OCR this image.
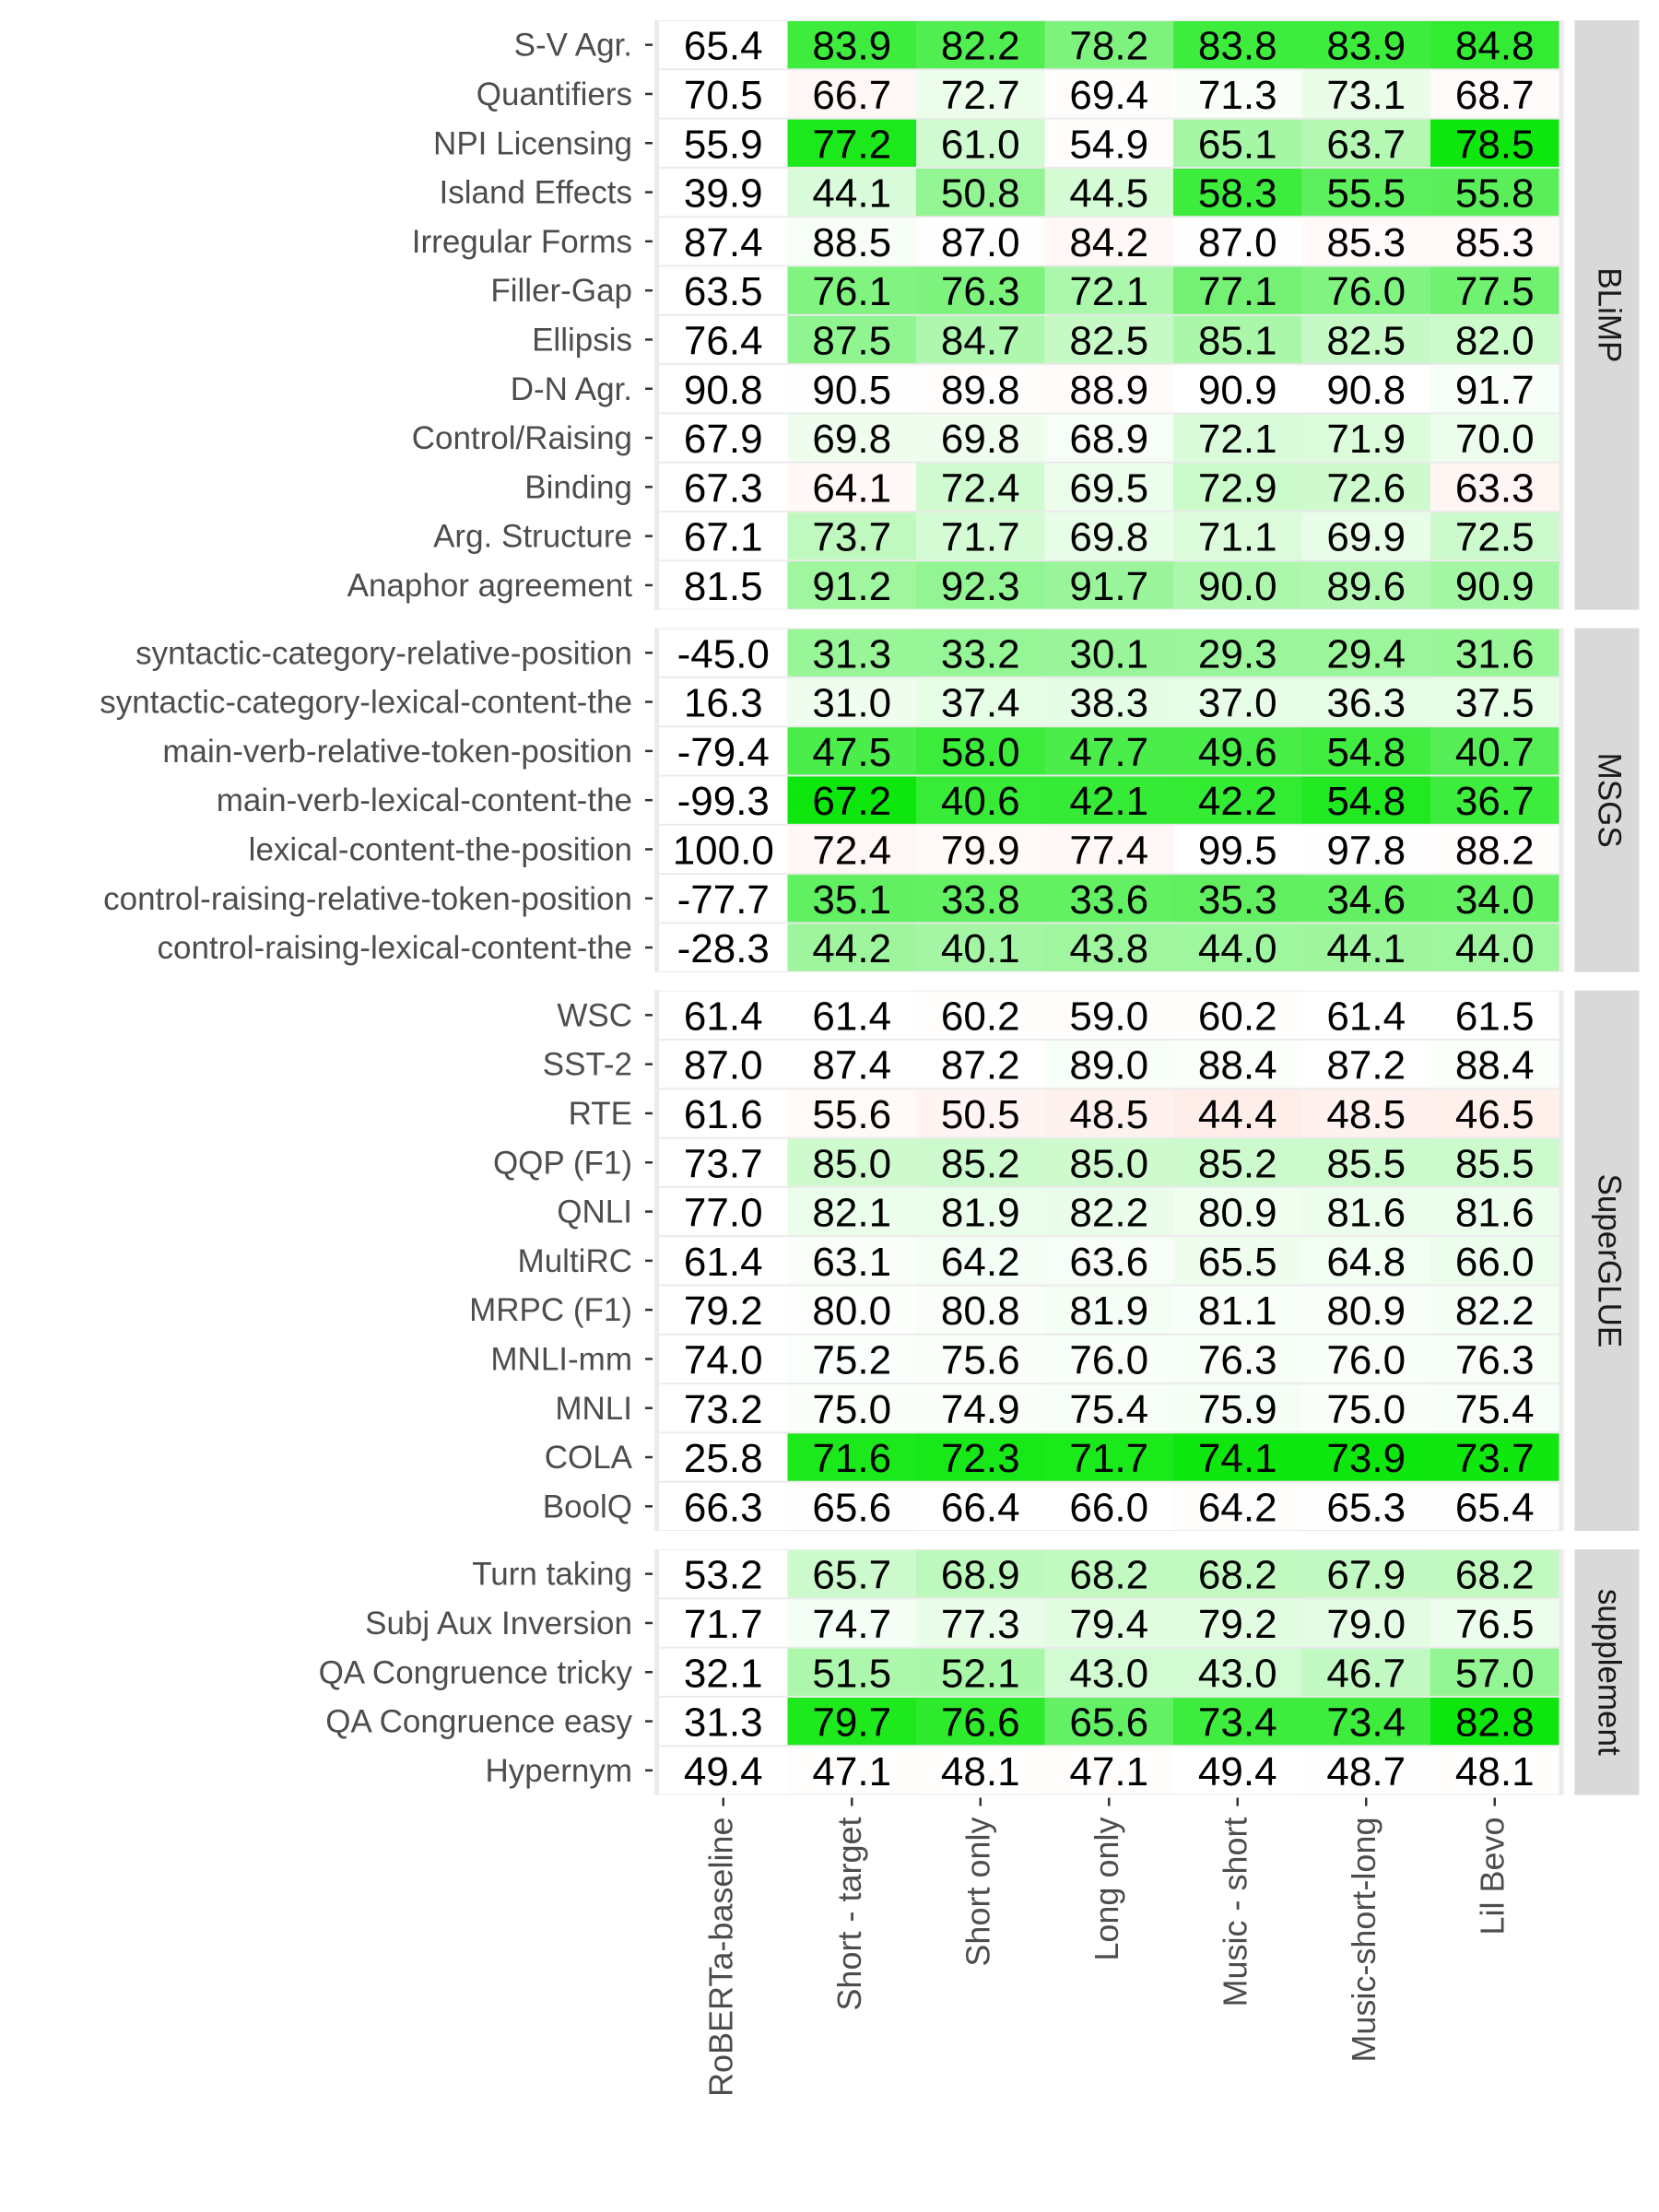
S-V Agr. 65.4 83.9 82.2 78.2 83.8 83.9 84.8
Quantifiers 70.5 66.7 72.7 69.4 71.3 73.1 68.7
NPI Licensing 55.9 77.2 61.0 54.9 65.1 63.7 78.5
Island Effects 39.9 44.1 50.8 44.5 58.3 55.5 55.8
Irregular Forms 87.4 88.5 87.0 84.2 87.0 85.3 85.3
Filler-Gap 63.5 76.1 76.3 72.1 77.1 76.0 77.5
Ellipsis 76.4 87.5 84.7 82.5 85.1 82.5 82.0
D-N Agr. 90.8 90.5 89.8 88.9 90.9 90.8 91.7
Control/Raising 67.9 69.8 69.8 68.9 72.1 71.9 70.0
Binding 67.3 64.1 72.4 69.5 72.9 72.6 63.3
Arg. Structure 67.1 73.7 71.7 69.8 71.1 69.9 72.5
Anaphor agreement 81.5 91.2 92.3 91.7 90.0 89.6 90.9
BLiMP
syntactic-category-relative-position -45.0 31.3 33.2 30.1 29.3 29.4 31.6
syntactic-category-lexical-content-the 16.3 31.0 37.4 38.3 37.0 36.3 37.5
main-verb-relative-token-position -79.4 47.5 58.0 47.7 49.6 54.8 40.7
main-verb-lexical-content-the -99.3 67.2 40.6 42.1 42.2 54.8 36.7
lexical-content-the-position 100.0 72.4 79.9 77.4 99.5 97.8 88.2
control-raising-relative-token-position -77.7 35.1 33.8 33.6 35.3 34.6 34.0
control-raising-lexical-content-the -28.3 44.2 40.1 43.8 44.0 44.1 44.0
MSGS
WSC 61.4 61.4 60.2 59.0 60.2 61.4 61.5
SST-2 87.0 87.4 87.2 89.0 88.4 87.2 88.4
RTE 61.6 55.6 50.5 48.5 44.4 48.5 46.5
QQP (F1) 73.7 85.0 85.2 85.0 85.2 85.5 85.5
QNLI 77.0 82.1 81.9 82.2 80.9 81.6 81.6
MultiRC 61.4 63.1 64.2 63.6 65.5 64.8 66.0
MRPC (F1) 79.2 80.0 80.8 81.9 81.1 80.9 82.2
MNLI-mm 74.0 75.2 75.6 76.0 76.3 76.0 76.3
MNLI 73.2 75.0 74.9 75.4 75.9 75.0 75.4
COLA 25.8 71.6 72.3 71.7 74.1 73.9 73.7
BoolQ 66.3 65.6 66.4 66.0 64.2 65.3 65.4
SuperGLUE
Turn taking 53.2 65.7 68.9 68.2 68.2 67.9 68.2
Subj Aux Inversion 71.7 74.7 77.3 79.4 79.2 79.0 76.5
QA Congruence tricky 32.1 51.5 52.1 43.0 43.0 46.7 57.0
QA Congruence easy 31.3 79.7 76.6 65.6 73.4 73.4 82.8
Hypernym 49.4 47.1 48.1 47.1 49.4 48.7 48.1
supplement
RoBERTa-baseline	Short - target	Short only	Long only	Music - short	Music-short-long	Lil Bevo
